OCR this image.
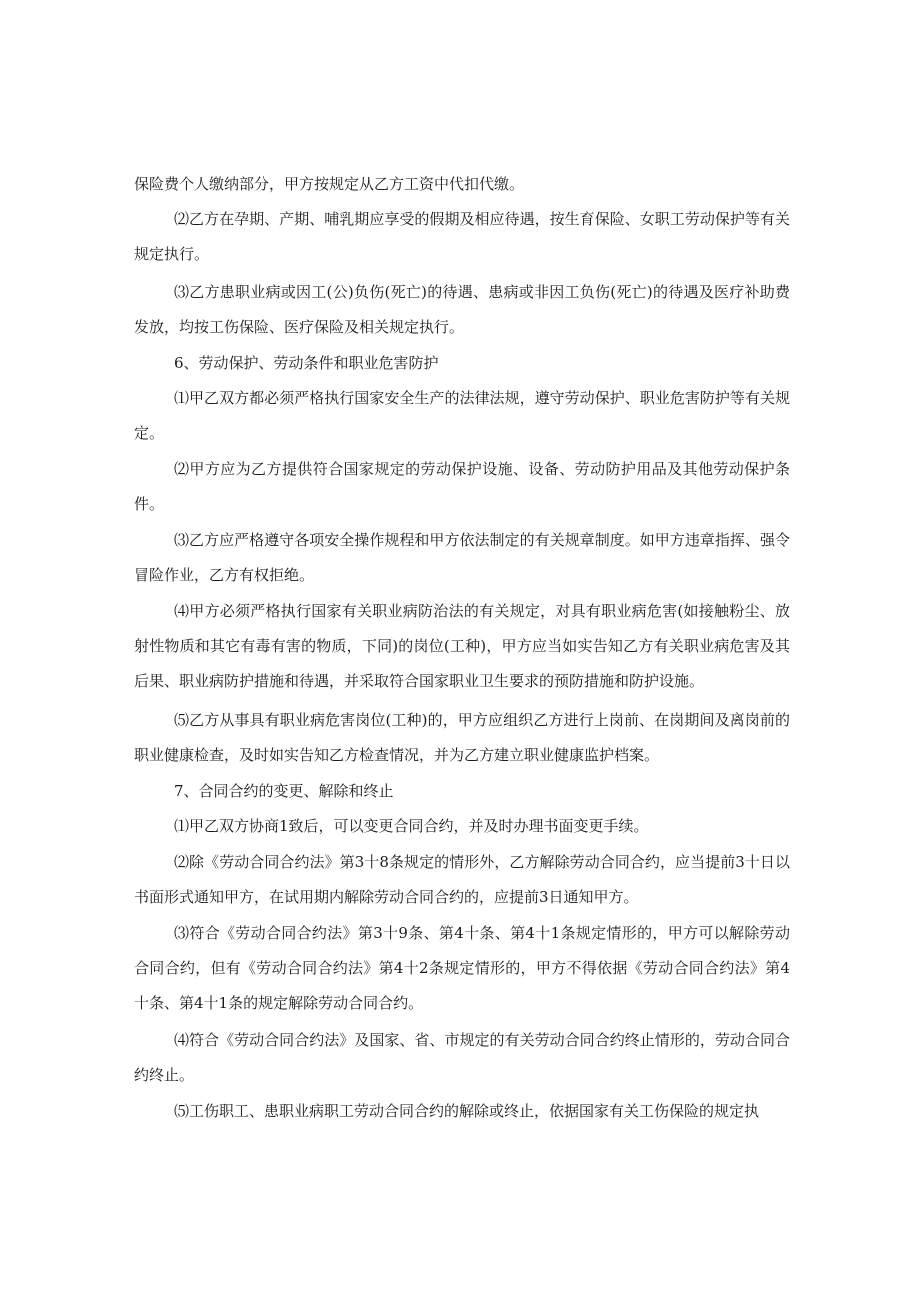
保险费个人缴纳部分，甲方按规定从乙方工资中代扣代缴。

⑵乙方在孕期、产期、哺乳期应享受的假期及相应待遇，按生育保险、女职工劳动保护等有关规定执行。

⑶乙方患职业病或因工(公)负伤(死亡)的待遇、患病或非因工负伤(死亡)的待遇及医疗补助费发放，均按工伤保险、医疗保险及相关规定执行。

6、劳动保护、劳动条件和职业危害防护

⑴甲乙双方都必须严格执行国家安全生产的法律法规，遵守劳动保护、职业危害防护等有关规定。

⑵甲方应为乙方提供符合国家规定的劳动保护设施、设备、劳动防护用品及其他劳动保护条件。

⑶乙方应严格遵守各项安全操作规程和甲方依法制定的有关规章制度。如甲方违章指挥、强令冒险作业，乙方有权拒绝。

⑷甲方必须严格执行国家有关职业病防治法的有关规定，对具有职业病危害(如接触粉尘、放射性物质和其它有毒有害的物质，下同)的岗位(工种)，甲方应当如实告知乙方有关职业病危害及其后果、职业病防护措施和待遇，并采取符合国家职业卫生要求的预防措施和防护设施。

⑸乙方从事具有职业病危害岗位(工种)的，甲方应组织乙方进行上岗前、在岗期间及离岗前的职业健康检查，及时如实告知乙方检查情况，并为乙方建立职业健康监护档案。

7、合同合约的变更、解除和终止

⑴甲乙双方协商1致后，可以变更合同合约，并及时办理书面变更手续。

⑵除《劳动合同合约法》第3十8条规定的情形外，乙方解除劳动合同合约，应当提前3十日以书面形式通知甲方，在试用期内解除劳动合同合约的，应提前3日通知甲方。

⑶符合《劳动合同合约法》第3十9条、第4十条、第4十1条规定情形的，甲方可以解除劳动合同合约，但有《劳动合同合约法》第4十2条规定情形的，甲方不得依据《劳动合同合约法》第4十条、第4十1条的规定解除劳动合同合约。

⑷符合《劳动合同合约法》及国家、省、市规定的有关劳动合同合约终止情形的，劳动合同合约终止。

⑸工伤职工、患职业病职工劳动合同合约的解除或终止，依据国家有关工伤保险的规定执
